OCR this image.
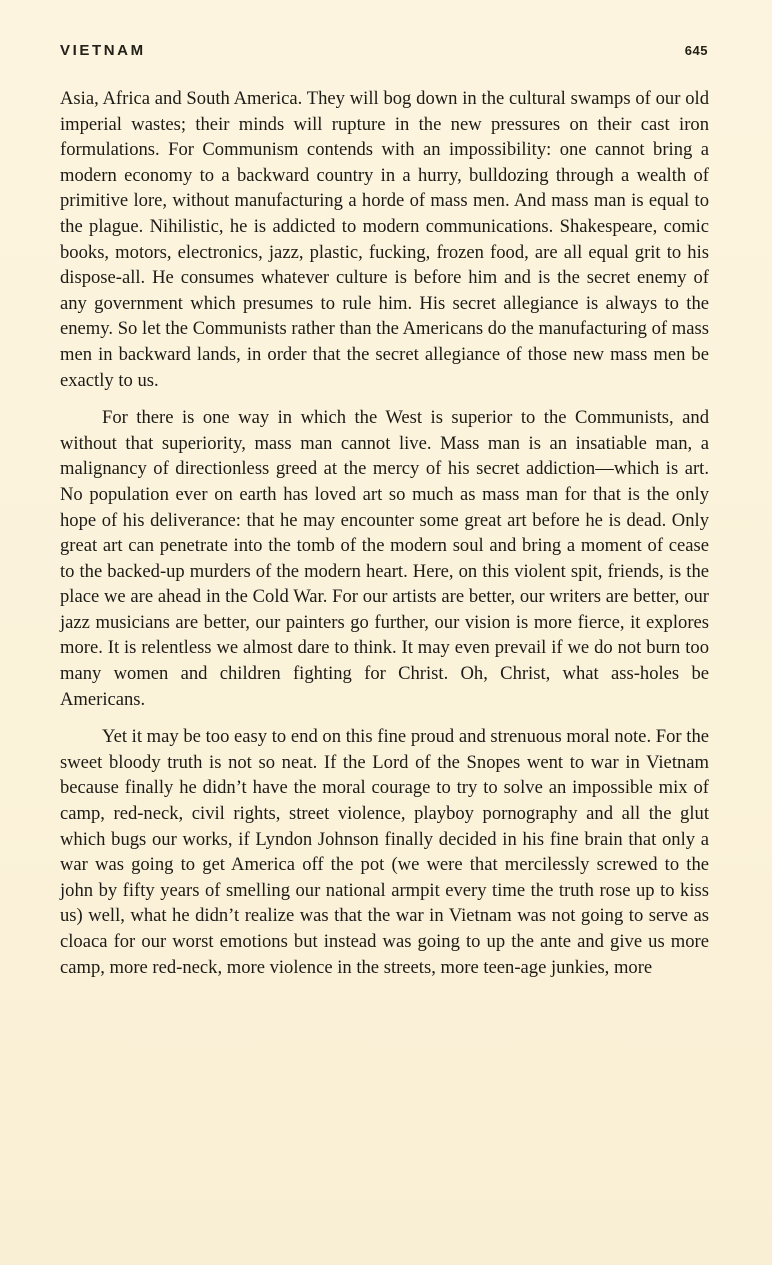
VIETNAM	645

Asia, Africa and South America. They will bog down in the cultural swamps of our old imperial wastes; their minds will rupture in the new pressures on their cast iron formulations. For Communism contends with an impossibility: one cannot bring a modern economy to a backward country in a hurry, bulldozing through a wealth of primitive lore, without manufacturing a horde of mass men. And mass man is equal to the plague. Nihilistic, he is addicted to modern communications. Shakespeare, comic books, motors, electronics, jazz, plastic, fucking, frozen food, are all equal grit to his dispose-all. He consumes whatever culture is before him and is the secret enemy of any government which presumes to rule him. His secret allegiance is always to the enemy. So let the Communists rather than the Americans do the manufacturing of mass men in backward lands, in order that the secret allegiance of those new mass men be exactly to us.

For there is one way in which the West is superior to the Communists, and without that superiority, mass man cannot live. Mass man is an insatiable man, a malignancy of directionless greed at the mercy of his secret addiction—which is art. No population ever on earth has loved art so much as mass man for that is the only hope of his deliverance: that he may encounter some great art before he is dead. Only great art can penetrate into the tomb of the modern soul and bring a moment of cease to the backed-up murders of the modern heart. Here, on this violent spit, friends, is the place we are ahead in the Cold War. For our artists are better, our writers are better, our jazz musicians are better, our painters go further, our vision is more fierce, it explores more. It is relentless we almost dare to think. It may even prevail if we do not burn too many women and children fighting for Christ. Oh, Christ, what ass-holes be Americans.

Yet it may be too easy to end on this fine proud and strenuous moral note. For the sweet bloody truth is not so neat. If the Lord of the Snopes went to war in Vietnam because finally he didn’t have the moral courage to try to solve an impossible mix of camp, red-neck, civil rights, street violence, playboy pornography and all the glut which bugs our works, if Lyndon Johnson finally decided in his fine brain that only a war was going to get America off the pot (we were that mercilessly screwed to the john by fifty years of smelling our national armpit every time the truth rose up to kiss us) well, what he didn’t realize was that the war in Vietnam was not going to serve as cloaca for our worst emotions but instead was going to up the ante and give us more camp, more red-neck, more violence in the streets, more teen-age junkies, more
